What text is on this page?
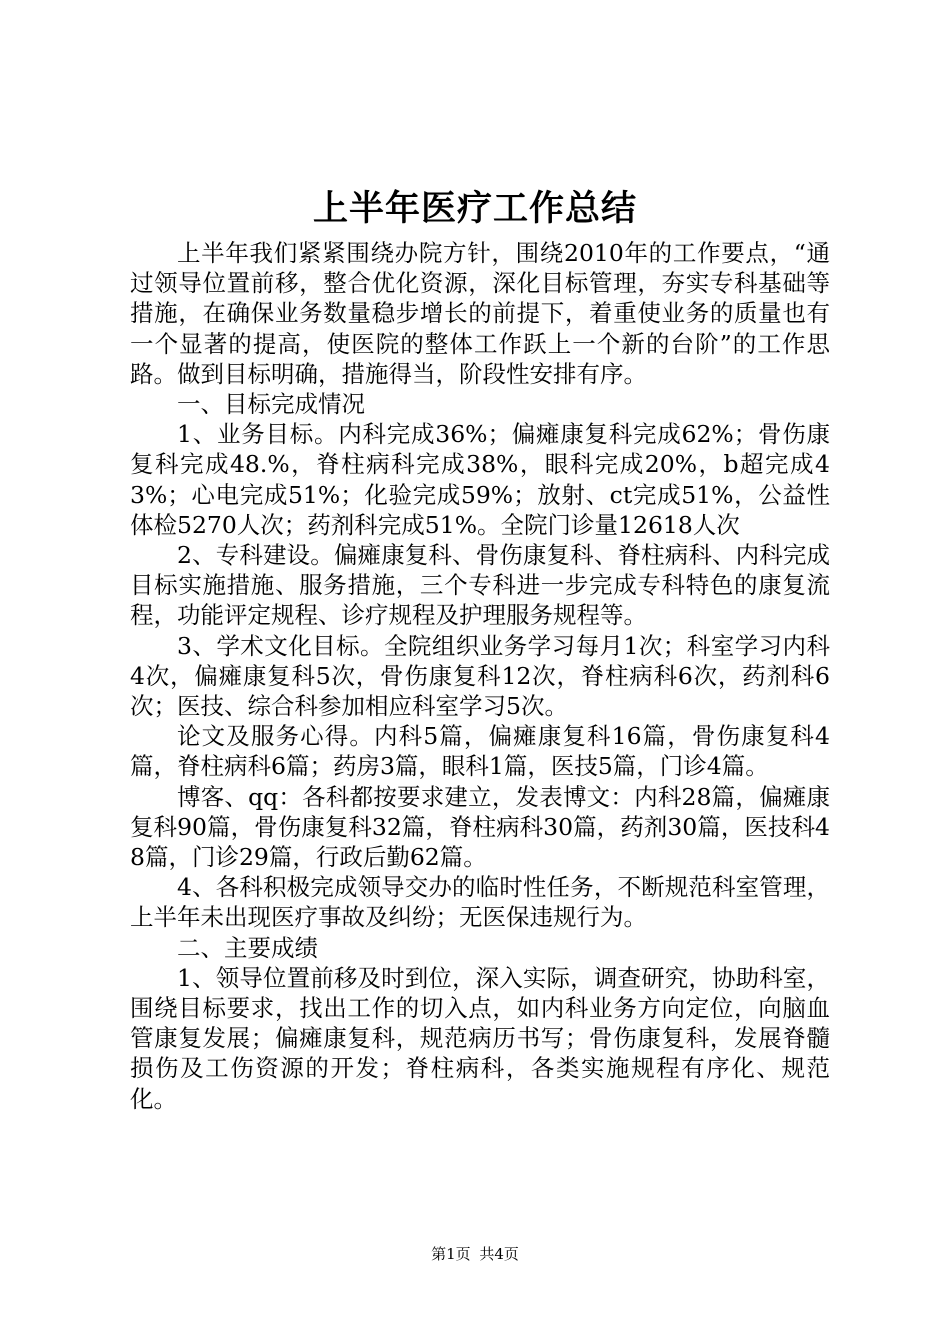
上半年医疗工作总结

上半年我们紧紧围绕办院方针，围绕2010年的工作要点，“通过领导位置前移，整合优化资源，深化目标管理，夯实专科基础等措施，在确保业务数量稳步增长的前提下，着重使业务的质量也有一个显著的提高，使医院的整体工作跃上一个新的台阶”的工作思路。做到目标明确，措施得当，阶段性安排有序。

一、目标完成情况

1、业务目标。内科完成36%；偏瘫康复科完成62%；骨伤康复科完成48.%，脊柱病科完成38%，眼科完成20%，b超完成43%；心电完成51%；化验完成59%；放射、ct完成51%，公益性体检5270人次；药剂科完成51%。全院门诊量12618人次

2、专科建设。偏瘫康复科、骨伤康复科、脊柱病科、内科完成目标实施措施、服务措施，三个专科进一步完成专科特色的康复流程，功能评定规程、诊疗规程及护理服务规程等。

3、学术文化目标。全院组织业务学习每月1次；科室学习内科4次，偏瘫康复科5次，骨伤康复科12次，脊柱病科6次，药剂科6次；医技、综合科参加相应科室学习5次。

论文及服务心得。内科5篇，偏瘫康复科16篇，骨伤康复科4篇，脊柱病科6篇；药房3篇，眼科1篇，医技5篇，门诊4篇。

博客、qq：各科都按要求建立，发表博文：内科28篇，偏瘫康复科90篇，骨伤康复科32篇，脊柱病科30篇，药剂30篇，医技科48篇，门诊29篇，行政后勤62篇。

4、各科积极完成领导交办的临时性任务，不断规范科室管理，上半年未出现医疗事故及纠纷；无医保违规行为。

二、主要成绩

1、领导位置前移及时到位，深入实际，调查研究，协助科室，围绕目标要求，找出工作的切入点，如内科业务方向定位，向脑血管康复发展；偏瘫康复科，规范病历书写；骨伤康复科，发展脊髓损伤及工伤资源的开发；脊柱病科，各类实施规程有序化、规范化。

第1页 共4页
